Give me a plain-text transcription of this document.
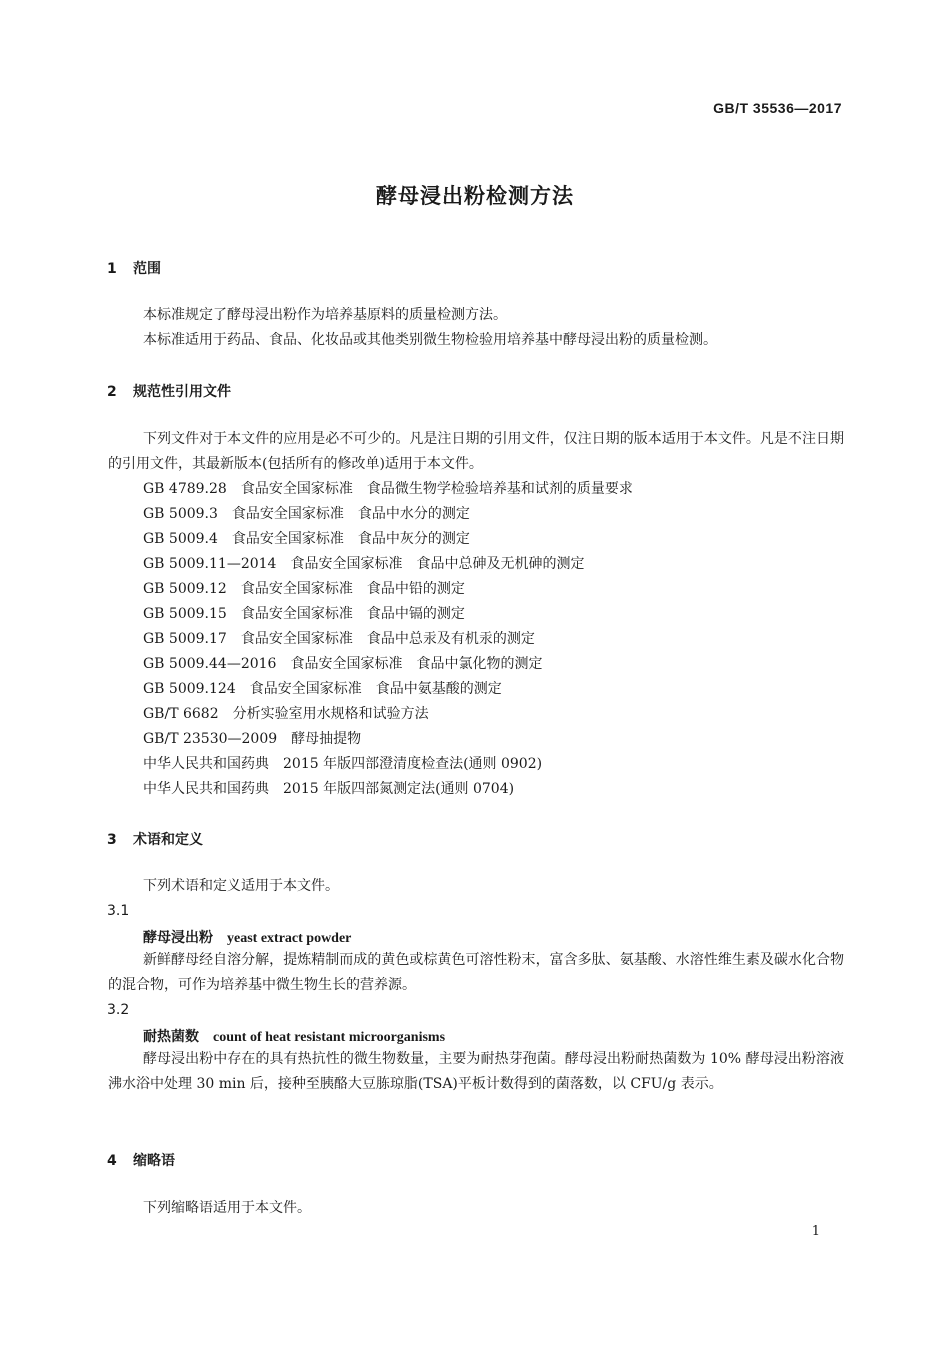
GB/T 35536—2017
酵母浸出粉检测方法
1 范围
本标准规定了酵母浸出粉作为培养基原料的质量检测方法。
本标准适用于药品、食品、化妆品或其他类别微生物检验用培养基中酵母浸出粉的质量检测。
2 规范性引用文件
下列文件对于本文件的应用是必不可少的。凡是注日期的引用文件，仅注日期的版本适用于本文件。凡是不注日期的引用文件，其最新版本(包括所有的修改单)适用于本文件。
GB 4789.28 食品安全国家标准 食品微生物学检验培养基和试剂的质量要求
GB 5009.3 食品安全国家标准 食品中水分的测定
GB 5009.4 食品安全国家标准 食品中灰分的测定
GB 5009.11—2014 食品安全国家标准 食品中总砷及无机砷的测定
GB 5009.12 食品安全国家标准 食品中铅的测定
GB 5009.15 食品安全国家标准 食品中镉的测定
GB 5009.17 食品安全国家标准 食品中总汞及有机汞的测定
GB 5009.44—2016 食品安全国家标准 食品中氯化物的测定
GB 5009.124 食品安全国家标准 食品中氨基酸的测定
GB/T 6682 分析实验室用水规格和试验方法
GB/T 23530—2009 酵母抽提物
中华人民共和国药典 2015 年版四部澄清度检查法(通则 0902)
中华人民共和国药典 2015 年版四部氮测定法(通则 0704)
3 术语和定义
下列术语和定义适用于本文件。
3.1
酵母浸出粉 yeast extract powder
新鲜酵母经自溶分解，提炼精制而成的黄色或棕黄色可溶性粉末，富含多肽、氨基酸、水溶性维生素及碳水化合物的混合物，可作为培养基中微生物生长的营养源。
3.2
耐热菌数 count of heat resistant microorganisms
酵母浸出粉中存在的具有热抗性的微生物数量，主要为耐热芽孢菌。酵母浸出粉耐热菌数为 10% 酵母浸出粉溶液沸水浴中处理 30 min 后，接种至胰酪大豆胨琼脂(TSA)平板计数得到的菌落数，以 CFU/g 表示。
4 缩略语
下列缩略语适用于本文件。
1
